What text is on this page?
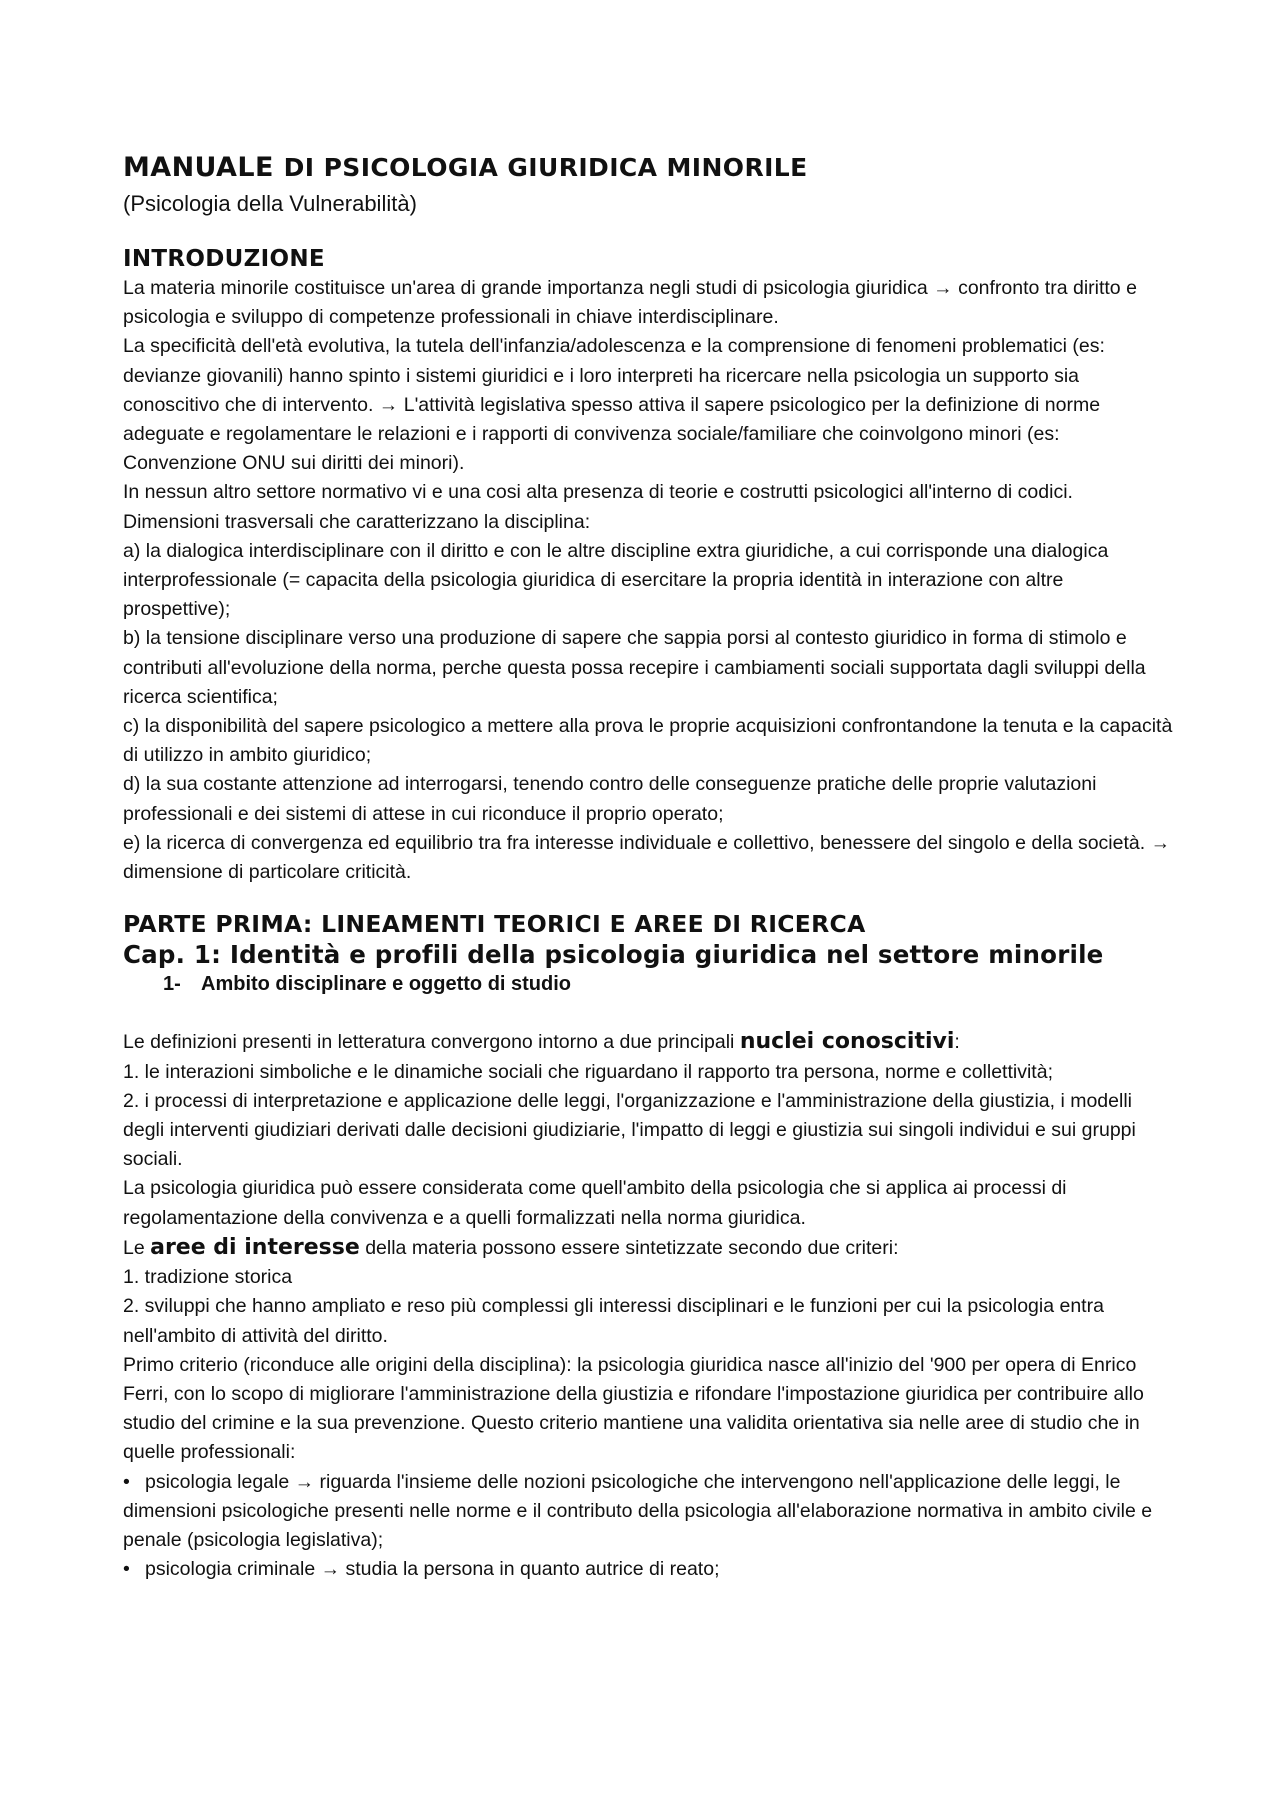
MANUALE DI PSICOLOGIA GIURIDICA MINORILE

(Psicologia della Vulnerabilità)

INTRODUZIONE

La materia minorile costituisce un'area di grande importanza negli studi di psicologia giuridica → confronto tra diritto e psicologia e sviluppo di competenze professionali in chiave interdisciplinare.

La specificità dell'età evolutiva, la tutela dell'infanzia/adolescenza e la comprensione di fenomeni problematici (es: devianze giovanili) hanno spinto i sistemi giuridici e i loro interpreti ha ricercare nella psicologia un supporto sia conoscitivo che di intervento. → L'attività legislativa spesso attiva il sapere psicologico per la definizione di norme adeguate e regolamentare le relazioni e i rapporti di convivenza sociale/familiare che coinvolgono minori (es: Convenzione ONU sui diritti dei minori).

In nessun altro settore normativo vi e una cosi alta presenza di teorie e costrutti psicologici all'interno di codici.

Dimensioni trasversali che caratterizzano la disciplina:

a) la dialogica interdisciplinare con il diritto e con le altre discipline extra giuridiche, a cui corrisponde una dialogica interprofessionale (= capacita della psicologia giuridica di esercitare la propria identità in interazione con altre prospettive);

b) la tensione disciplinare verso una produzione di sapere che sappia porsi al contesto giuridico in forma di stimolo e contributi all'evoluzione della norma, perche questa possa recepire i cambiamenti sociali supportata dagli sviluppi della ricerca scientifica;

c) la disponibilità del sapere psicologico a mettere alla prova le proprie acquisizioni confrontandone la tenuta e la capacità di utilizzo in ambito giuridico;

d) la sua costante attenzione ad interrogarsi, tenendo contro delle conseguenze pratiche delle proprie valutazioni professionali e dei sistemi di attese in cui riconduce il proprio operato;

e) la ricerca di convergenza ed equilibrio tra fra interesse individuale e collettivo, benessere del singolo e della società. → dimensione di particolare criticità.

PARTE PRIMA: LINEAMENTI TEORICI E AREE DI RICERCA
Cap. 1: Identità e profili della psicologia giuridica nel settore minorile

1- Ambito disciplinare e oggetto di studio

Le definizioni presenti in letteratura convergono intorno a due principali nuclei conoscitivi:

1. le interazioni simboliche e le dinamiche sociali che riguardano il rapporto tra persona, norme e collettività;

2. i processi di interpretazione e applicazione delle leggi, l'organizzazione e l'amministrazione della giustizia, i modelli degli interventi giudiziari derivati dalle decisioni giudiziarie, l'impatto di leggi e giustizia sui singoli individui e sui gruppi sociali.

La psicologia giuridica può essere considerata come quell'ambito della psicologia che si applica ai processi di regolamentazione della convivenza e a quelli formalizzati nella norma giuridica.

Le aree di interesse della materia possono essere sintetizzate secondo due criteri:

1. tradizione storica

2. sviluppi che hanno ampliato e reso più complessi gli interessi disciplinari e le funzioni per cui la psicologia entra nell'ambito di attività del diritto.

Primo criterio (riconduce alle origini della disciplina): la psicologia giuridica nasce all'inizio del '900 per opera di Enrico Ferri, con lo scopo di migliorare l'amministrazione della giustizia e rifondare l'impostazione giuridica per contribuire allo studio del crimine e la sua prevenzione. Questo criterio mantiene una validita orientativa sia nelle aree di studio che in quelle professionali:

• psicologia legale → riguarda l'insieme delle nozioni psicologiche che intervengono nell'applicazione delle leggi, le dimensioni psicologiche presenti nelle norme e il contributo della psicologia all'elaborazione normativa in ambito civile e penale (psicologia legislativa);

• psicologia criminale → studia la persona in quanto autrice di reato;
